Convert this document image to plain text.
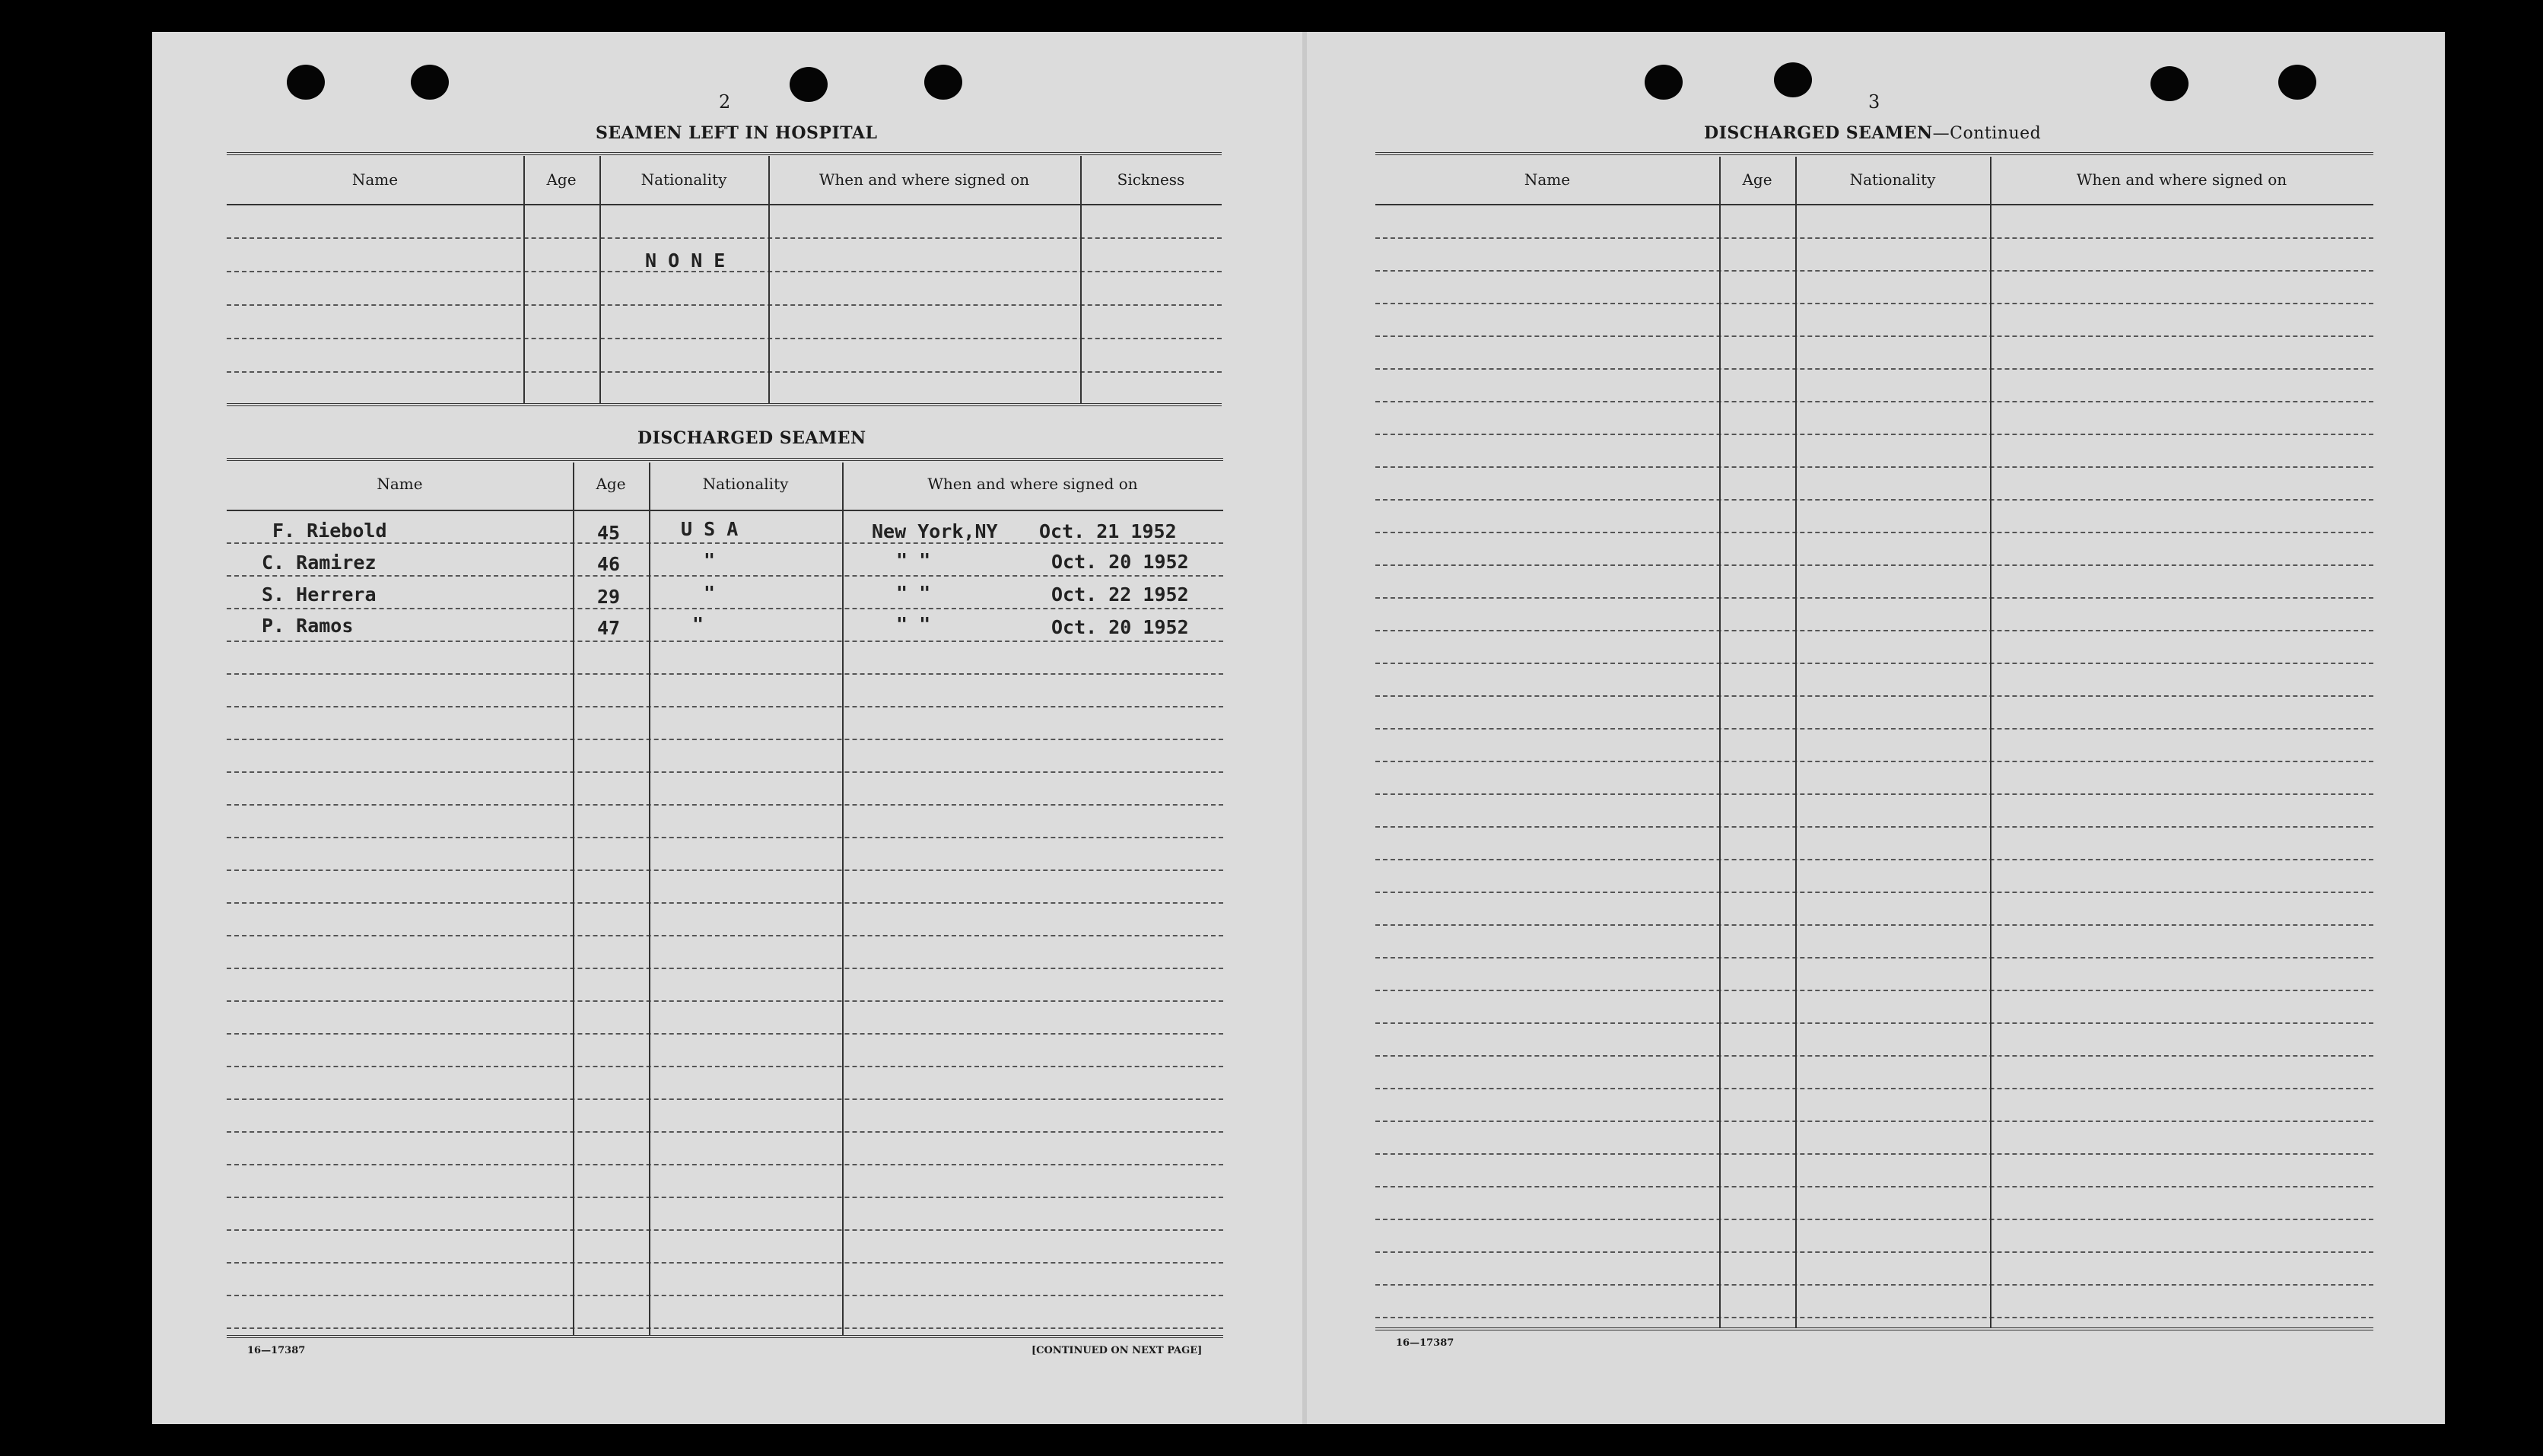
2
SEAMEN LEFT IN HOSPITAL
Name	Age	Nationality	When and where signed on	Sickness
N O N E
DISCHARGED SEAMEN
Name	Age	Nationality	When and where signed on
F. Riebold	45	U S A	New York,NY Oct. 21 1952
C. Ramirez	46	"	" "	Oct. 20 1952
S. Herrera	29	"	" "	Oct. 22 1952
P. Ramos	47	"	" "	Oct. 20 1952
16—17387	[CONTINUED ON NEXT PAGE]
3
DISCHARGED SEAMEN—Continued
Name	Age	Nationality	When and where signed on
16—17387
